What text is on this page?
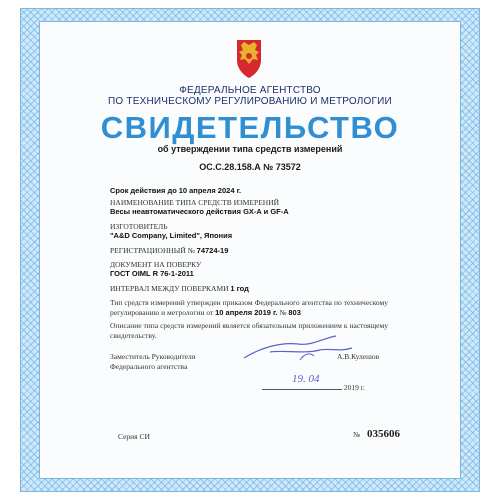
ФЕДЕРАЛЬНОЕ АГЕНТСТВО
ПО ТЕХНИЧЕСКОМУ РЕГУЛИРОВАНИЮ И МЕТРОЛОГИИ
СВИДЕТЕЛЬСТВО
об утверждении типа средств измерений
ОС.С.28.158.А № 73572
Срок действия до 10 апреля 2024 г.
НАИМЕНОВАНИЕ ТИПА СРЕДСТВ ИЗМЕРЕНИЙ
Весы неавтоматического действия GX-A и GF-A
ИЗГОТОВИТЕЛЬ
"A&D Company, Limited", Япония
РЕГИСТРАЦИОННЫЙ № 74724-19
ДОКУМЕНТ НА ПОВЕРКУ
ГОСТ OIML R 76-1-2011
ИНТЕРВАЛ МЕЖДУ ПОВЕРКАМИ 1 год
Тип средств измерений утвержден приказом Федерального агентства по техническому регулированию и метрологии от 10 апреля 2019 г. № 803
Описание типа средств измерений является обязательным приложением к настоящему свидетельству.
Заместитель Руководителя
Федерального агентства
А.В.Кулешов
19. 04
2019 г.
Серия СИ	№ 035606
